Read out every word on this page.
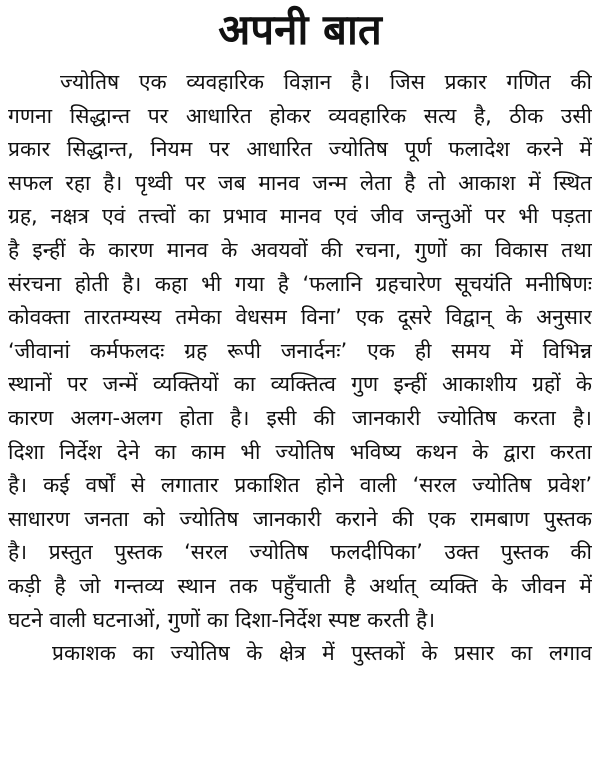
अपनी बात
ज्योतिष एक व्यवहारिक विज्ञान है। जिस प्रकार गणित की
गणना सिद्धान्त पर आधारित होकर व्यवहारिक सत्य है, ठीक उसी
प्रकार सिद्धान्त, नियम पर आधारित ज्योतिष पूर्ण फलादेश करने में
सफल रहा है। पृथ्वी पर जब मानव जन्म लेता है तो आकाश में स्थित
ग्रह, नक्षत्र एवं तत्त्वों का प्रभाव मानव एवं जीव जन्तुओं पर भी पड़ता
है इन्हीं के कारण मानव के अवयवों की रचना, गुणों का विकास तथा
संरचना होती है। कहा भी गया है ‘फलानि ग्रहचारेण सूचयंति मनीषिणः
कोवक्ता तारतम्यस्य तमेका वेधसम विना’ एक दूसरे विद्वान् के अनुसार
‘जीवानां कर्मफलदः ग्रह रूपी जनार्दनः’ एक ही समय में विभिन्न
स्थानों पर जन्में व्यक्तियों का व्यक्तित्व गुण इन्हीं आकाशीय ग्रहों के
कारण अलग-अलग होता है। इसी की जानकारी ज्योतिष करता है।
दिशा निर्देश देने का काम भी ज्योतिष भविष्य कथन के द्वारा करता
है। कई वर्षों से लगातार प्रकाशित होने वाली ‘सरल ज्योतिष प्रवेश’
साधारण जनता को ज्योतिष जानकारी कराने की एक रामबाण पुस्तक
है। प्रस्तुत पुस्तक ‘सरल ज्योतिष फलदीपिका’ उक्त पुस्तक की
कड़ी है जो गन्तव्य स्थान तक पहुँचाती है अर्थात् व्यक्ति के जीवन में
घटने वाली घटनाओं, गुणों का दिशा-निर्देश स्पष्ट करती है।
प्रकाशक का ज्योतिष के क्षेत्र में पुस्तकों के प्रसार का लगाव
